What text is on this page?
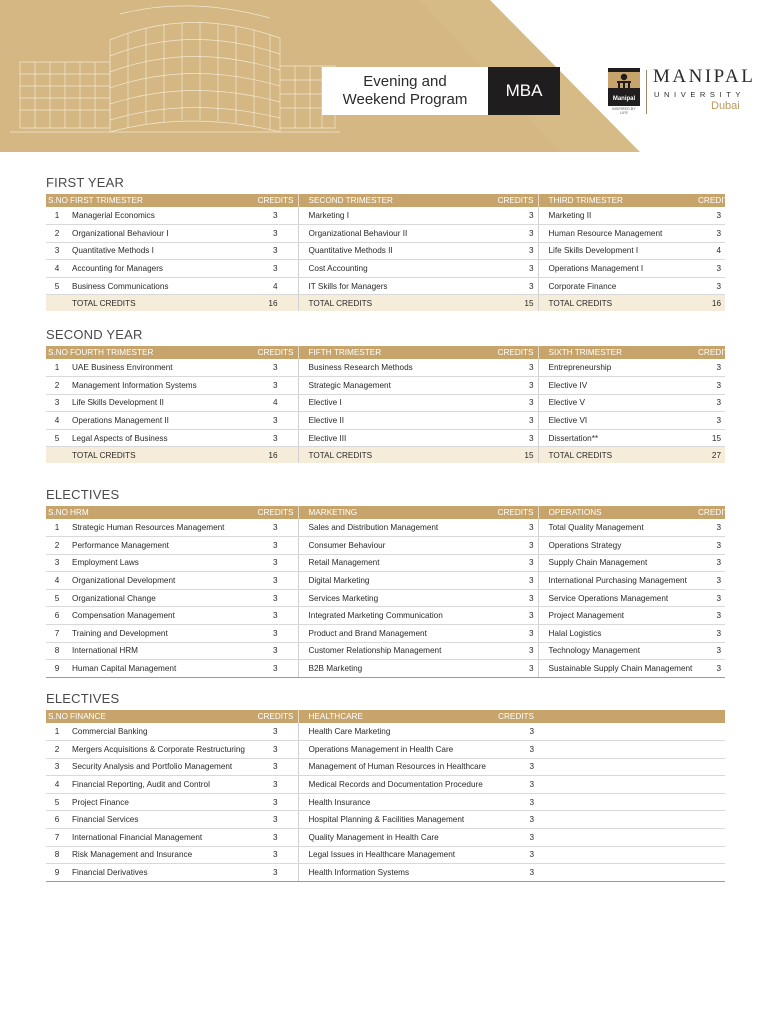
Evening and
Weekend Program	MBA	Manipal
INSPIRED BY LIFE
MANIPAL
UNIVERSITY
Dubai
FIRST YEAR
S.NO	FIRST TRIMESTER	CREDITS	SECOND TRIMESTER	CREDITS	THIRD TRIMESTER	CREDITS
1	Managerial Economics	3	Marketing I	3	Marketing II	3
2	Organizational Behaviour I	3	Organizational Behaviour II	3	Human Resource Management	3
3	Quantitative Methods I	3	Quantitative Methods II	3	Life Skills Development I	4
4	Accounting for Managers	3	Cost Accounting	3	Operations Management I	3
5	Business Communications	4	IT Skills for Managers	3	Corporate Finance	3
	TOTAL CREDITS	16	TOTAL CREDITS	15	TOTAL CREDITS	16
SECOND YEAR
S.NO	FOURTH TRIMESTER	CREDITS	FIFTH TRIMESTER	CREDITS	SIXTH TRIMESTER	CREDITS
1	UAE Business Environment	3	Business Research Methods	3	Entrepreneurship	3
2	Management Information Systems	3	Strategic Management	3	Elective IV	3
3	Life Skills Development II	4	Elective I	3	Elective V	3
4	Operations Management II	3	Elective II	3	Elective VI	3
5	Legal Aspects of Business	3	Elective III	3	Dissertation**	15
	TOTAL CREDITS	16	TOTAL CREDITS	15	TOTAL CREDITS	27
ELECTIVES
S.NO	HRM	CREDITS	MARKETING	CREDITS	OPERATIONS	CREDITS
1	Strategic Human Resources Management	3	Sales and Distribution Management	3	Total Quality Management	3
2	Performance Management	3	Consumer Behaviour	3	Operations Strategy	3
3	Employment Laws	3	Retail Management	3	Supply Chain Management	3
4	Organizational Development	3	Digital Marketing	3	International Purchasing Management	3
5	Organizational Change	3	Services Marketing	3	Service Operations Management	3
6	Compensation Management	3	Integrated Marketing Communication	3	Project Management	3
7	Training and Development	3	Product and Brand Management	3	Halal Logistics	3
8	International HRM	3	Customer Relationship Management	3	Technology Management	3
9	Human Capital Management	3	B2B Marketing	3	Sustainable Supply Chain Management	3
ELECTIVES
S.NO	FINANCE	CREDITS	HEALTHCARE	CREDITS		
1	Commercial Banking	3	Health Care Marketing	3		
2	Mergers Acquisitions & Corporate Restructuring	3	Operations Management in Health Care	3		
3	Security Analysis and Portfolio Management	3	Management of Human Resources in Healthcare	3		
4	Financial Reporting, Audit and Control	3	Medical Records and Documentation Procedure	3		
5	Project Finance	3	Health Insurance	3		
6	Financial Services	3	Hospital Planning & Facilities Management	3		
7	International Financial Management	3	Quality Management in Health Care	3		
8	Risk Management and Insurance	3	Legal Issues in Healthcare Management	3		
9	Financial Derivatives	3	Health Information Systems	3		
